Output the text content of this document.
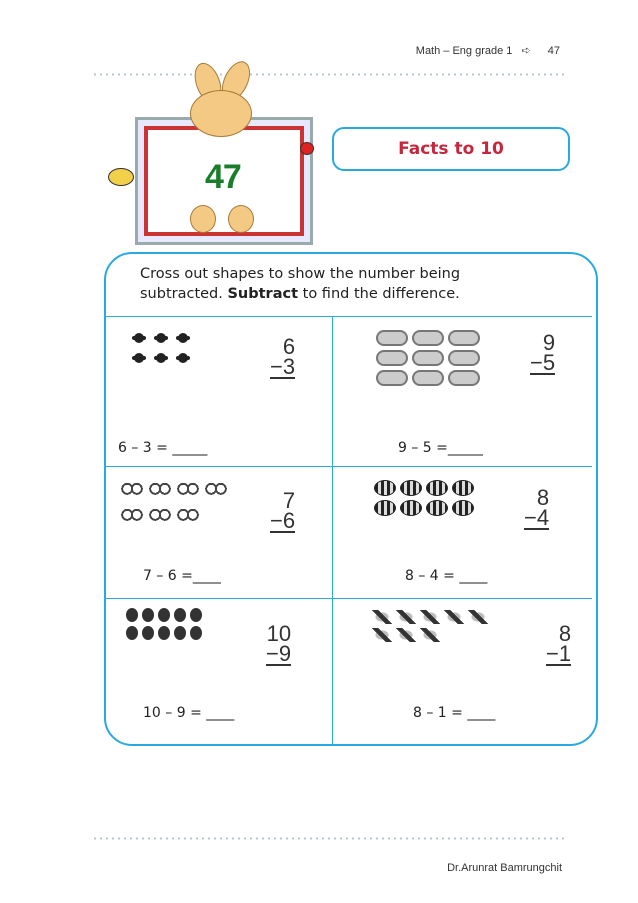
Math – Eng grade 1 ➪ 47
47
Facts to 10
Cross out shapes to show the number being
subtracted. Subtract to find the difference.
6
−3
6 – 3 = _____
9
−5
9 – 5 =_____
7
−6
7 – 6 =____
8
−4
8 – 4 = ____
10
−9
10 – 9 = ____
8
−1
8 – 1 = ____
Dr.Arunrat Bamrungchit
